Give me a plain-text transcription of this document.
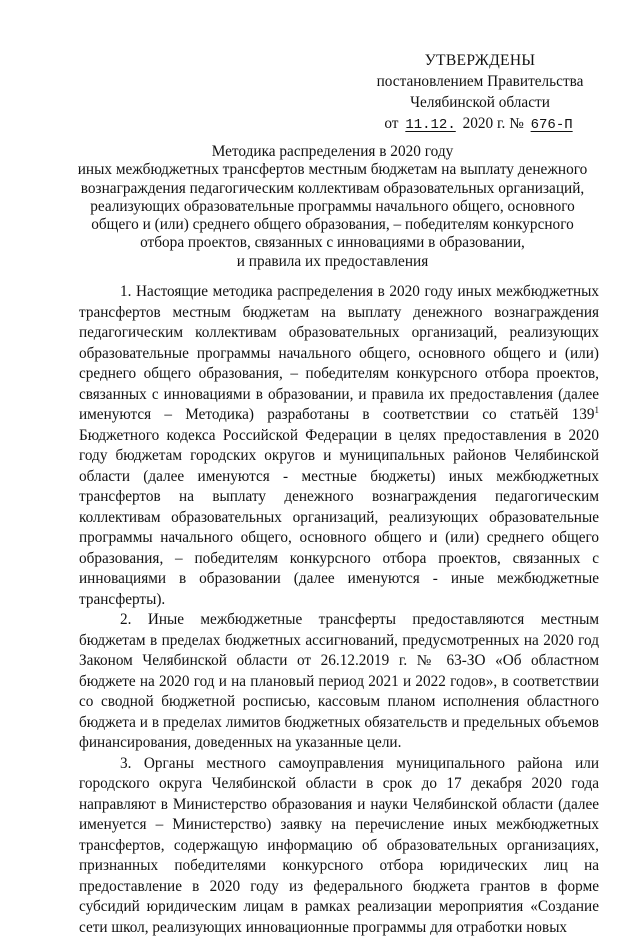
УТВЕРЖДЕНЫ
постановлением Правительства
Челябинской области
от 11.12. 2020 г. № 676-П
Методика распределения в 2020 году
иных межбюджетных трансфертов местным бюджетам на выплату денежного
вознаграждения педагогическим коллективам образовательных организаций,
реализующих образовательные программы начального общего, основного
общего и (или) среднего общего образования, – победителям конкурсного
отбора проектов, связанных с инновациями в образовании,
и правила их предоставления

1. Настоящие методика распределения в 2020 году иных межбюджетных трансфертов местным бюджетам на выплату денежного вознаграждения педагогическим коллективам образовательных организаций, реализующих образовательные программы начального общего, основного общего и (или) среднего общего образования, – победителям конкурсного отбора проектов, связанных с инновациями в образовании, и правила их предоставления (далее именуются – Методика) разработаны в соответствии со статьёй $139^1$ Бюджетного кодекса Российской Федерации в целях предоставления в 2020 году бюджетам городских округов и муниципальных районов Челябинской области (далее именуются - местные бюджеты) иных межбюджетных трансфертов на выплату денежного вознаграждения педагогическим коллективам образовательных организаций, реализующих образовательные программы начального общего, основного общего и (или) среднего общего образования, – победителям конкурсного отбора проектов, связанных с инновациями в образовании (далее именуются - иные межбюджетные трансферты).

2. Иные межбюджетные трансферты предоставляются местным бюджетам в пределах бюджетных ассигнований, предусмотренных на 2020 год Законом Челябинской области от 26.12.2019 г. № 63-ЗО «Об областном бюджете на 2020 год и на плановый период 2021 и 2022 годов», в соответствии со сводной бюджетной росписью, кассовым планом исполнения областного бюджета и в пределах лимитов бюджетных обязательств и предельных объемов финансирования, доведенных на указанные цели.

3. Органы местного самоуправления муниципального района или городского округа Челябинской области в срок до 17 декабря 2020 года направляют в Министерство образования и науки Челябинской области (далее именуется – Министерство) заявку на перечисление иных межбюджетных трансфертов, содержащую информацию об образовательных организациях, признанных победителями конкурсного отбора юридических лиц на предоставление в 2020 году из федерального бюджета грантов в форме субсидий юридическим лицам в рамках реализации мероприятия «Создание сети школ, реализующих инновационные программы для отработки новых
